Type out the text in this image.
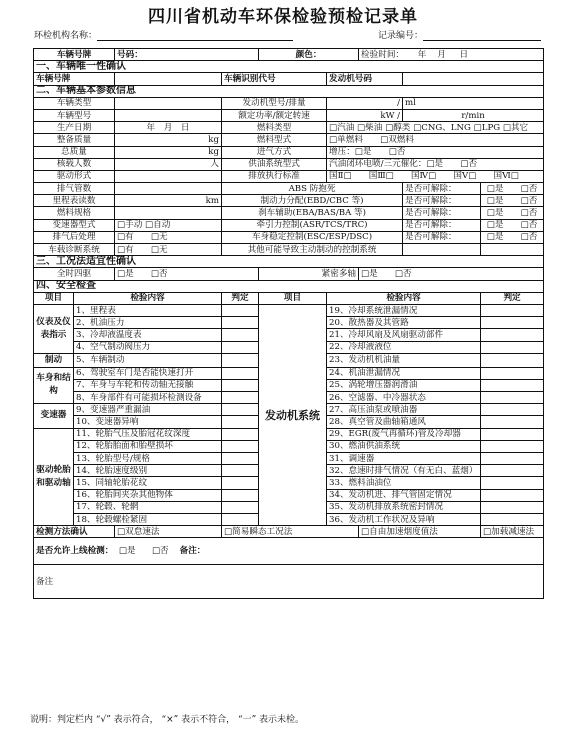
四川省机动车环保检验预检记录单
环检机构名称：	记录编号：
车辆号牌		号码：		颜色：		检验时间： 年 月 日		
一、车辆唯一性确认								
车辆号牌			车辆识别代号		发动机号码			
二、车辆基本参数信息								
车辆类型			发动机型号/排量		/		ml	
车辆型号			额定功率/额定转速		kW /		r/min	
生产日期		年　月　日	燃料类型		□汽油 □柴油 □醇类 □CNG、LNG □LPG □其它			
整备质量		kg	燃料型式		□单燃料　　□双燃料			
总质量		kg	进气方式		增压：□是　　□否			
核载人数		人	供油系统型式		汽油闭环电喷/三元催化：□是　　□否			
驱动形式			排放执行标准		国Ⅱ□　　国Ⅲ□　　国Ⅳ□　　国Ⅴ□　　国Ⅵ□			
排气管数			ABS 防抱死				是否可解除：	□是　　□否
里程表读数		km	制动力分配(EBD/CBC 等)				是否可解除：	□是　　□否
燃料规格			刹车辅助(EBA/BAS/BA 等)				是否可解除：	□是　　□否
变速器型式		□手动 □自动	牵引力控制(ASR/TCS/TRC)				是否可解除：	□是　　□否
排气后处理		□有　　□无	车身稳定控制(ESC/ESP/DSC)				是否可解除：	□是　　□否
车载诊断系统		□有　　□无	其他可能导致主动制动的控制系统					
三、工况法适宜性确认								
全时四驱		□是　　□否		紧密多轴		□是　　□否		
四、安全检查								
项目	检验内容		判定	项目	检验内容			判定
仪表及仪表指示	1、里程表			发动机系统	19、冷却系统泄漏情况			
	2、机油压力				20、散热器及其管路			
	3、冷却液温度表				21、冷却风扇及风扇驱动部件			
	4、空气制动阀压力				22、冷却液液位			
制动	5、车辆制动				23、发动机机油量			
车身和结构	6、驾驶室车门是否能快速打开				24、机油泄漏情况			
	7、车身与车轮和传动轴无接触				25、涡轮增压器润滑油			
	8、车身部件有可能损坏检测设备				26、空滤器、中冷器状态			
变速器	9、变速器严重漏油				27、高压油泵或喷油器			
	10、变速器异响				28、真空管及曲轴箱通风			
驱动轮胎和驱动轴	11、轮胎气压及胎冠花纹深度				29、EGR(废气再循环)管及冷却器			
	12、轮胎胎面和胎壁损坏				30、燃油供油系统			
	13、轮胎型号/规格				31、调速器			
	14、轮胎速度级别				32、怠速时排气情况（有无白、蓝烟）			
	15、同轴轮胎花纹				33、燃料油油位			
	16、轮胎间夹杂其他物体				34、发动机进、排气管固定情况			
	17、轮毂、轮辋				35、发动机排放系统密封情况			
	18、轮毂螺栓紧固				36、发动机工作状况及异响			
检测方法确认		□双怠速法	□简易瞬态工况法			□自由加速烟度值法		□加载减速法
是否允许上线检测： □是 □否 备注：								
备注								
说明：判定栏内 “√” 表示符合， “×” 表示不符合， “一” 表示未检。
